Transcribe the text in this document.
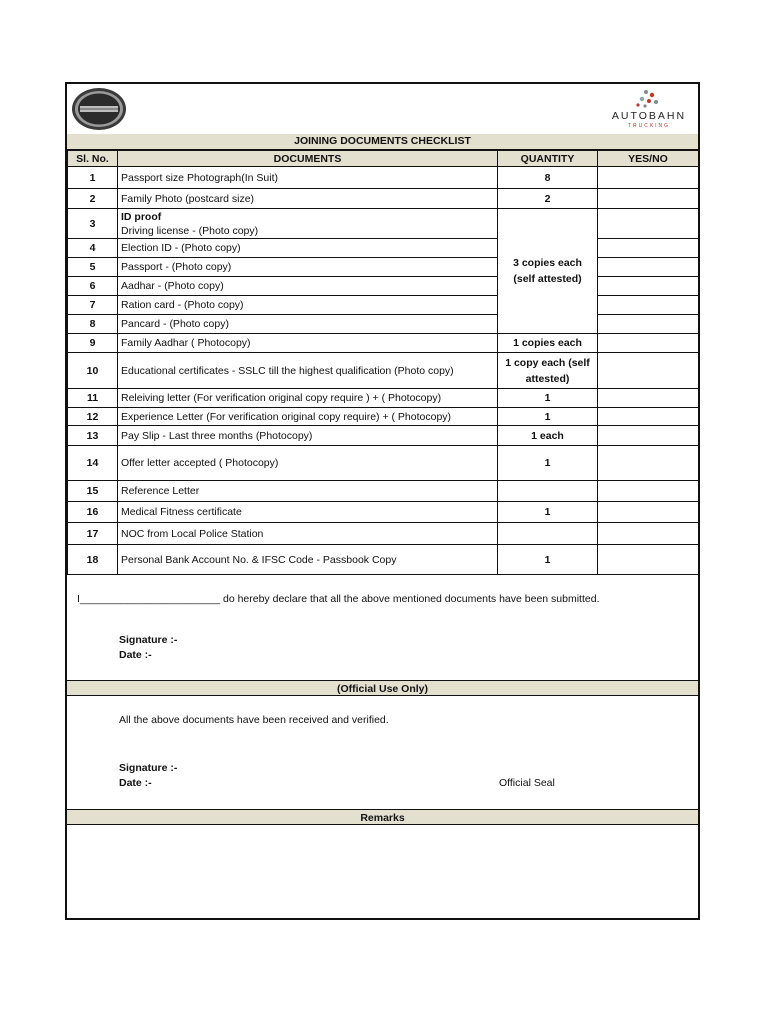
AUTOBAHN
TRUCKING
JOINING DOCUMENTS CHECKLIST
Sl. No.	DOCUMENTS	QUANTITY	YES/NO
1	Passport size Photograph(In Suit)	8	
2	Family Photo (postcard size)	2	
3	ID proof
Driving license - (Photo copy)	3 copies each
(self attested)	

4	Election ID - (Photo copy)		
5	Passport - (Photo copy)		
6	Aadhar - (Photo copy)		
7	Ration card - (Photo copy)		
8	Pancard - (Photo copy)		
9	Family Aadhar ( Photocopy)	1 copies each	
10	Educational certificates - SSLC till the highest qualification (Photo copy)	1 copy each (self
attested)	

11	Releiving letter (For verification original copy require ) + ( Photocopy)	1	
12	Experience Letter (For verification original copy require) + ( Photocopy)	1	
13	Pay Slip - Last three months (Photocopy)	1 each	
14	Offer letter accepted ( Photocopy)	1	
15	Reference Letter		
16	Medical Fitness certificate	1	
17	NOC from Local Police Station		
18	Personal Bank Account No. & IFSC Code - Passbook Copy	1	
I________________________ do hereby declare that all the above mentioned documents have been submitted.
Signature :-
Date :-
(Official Use Only)
All the above documents have been received and verified.
Signature :-
Date :-	Official Seal
Remarks
